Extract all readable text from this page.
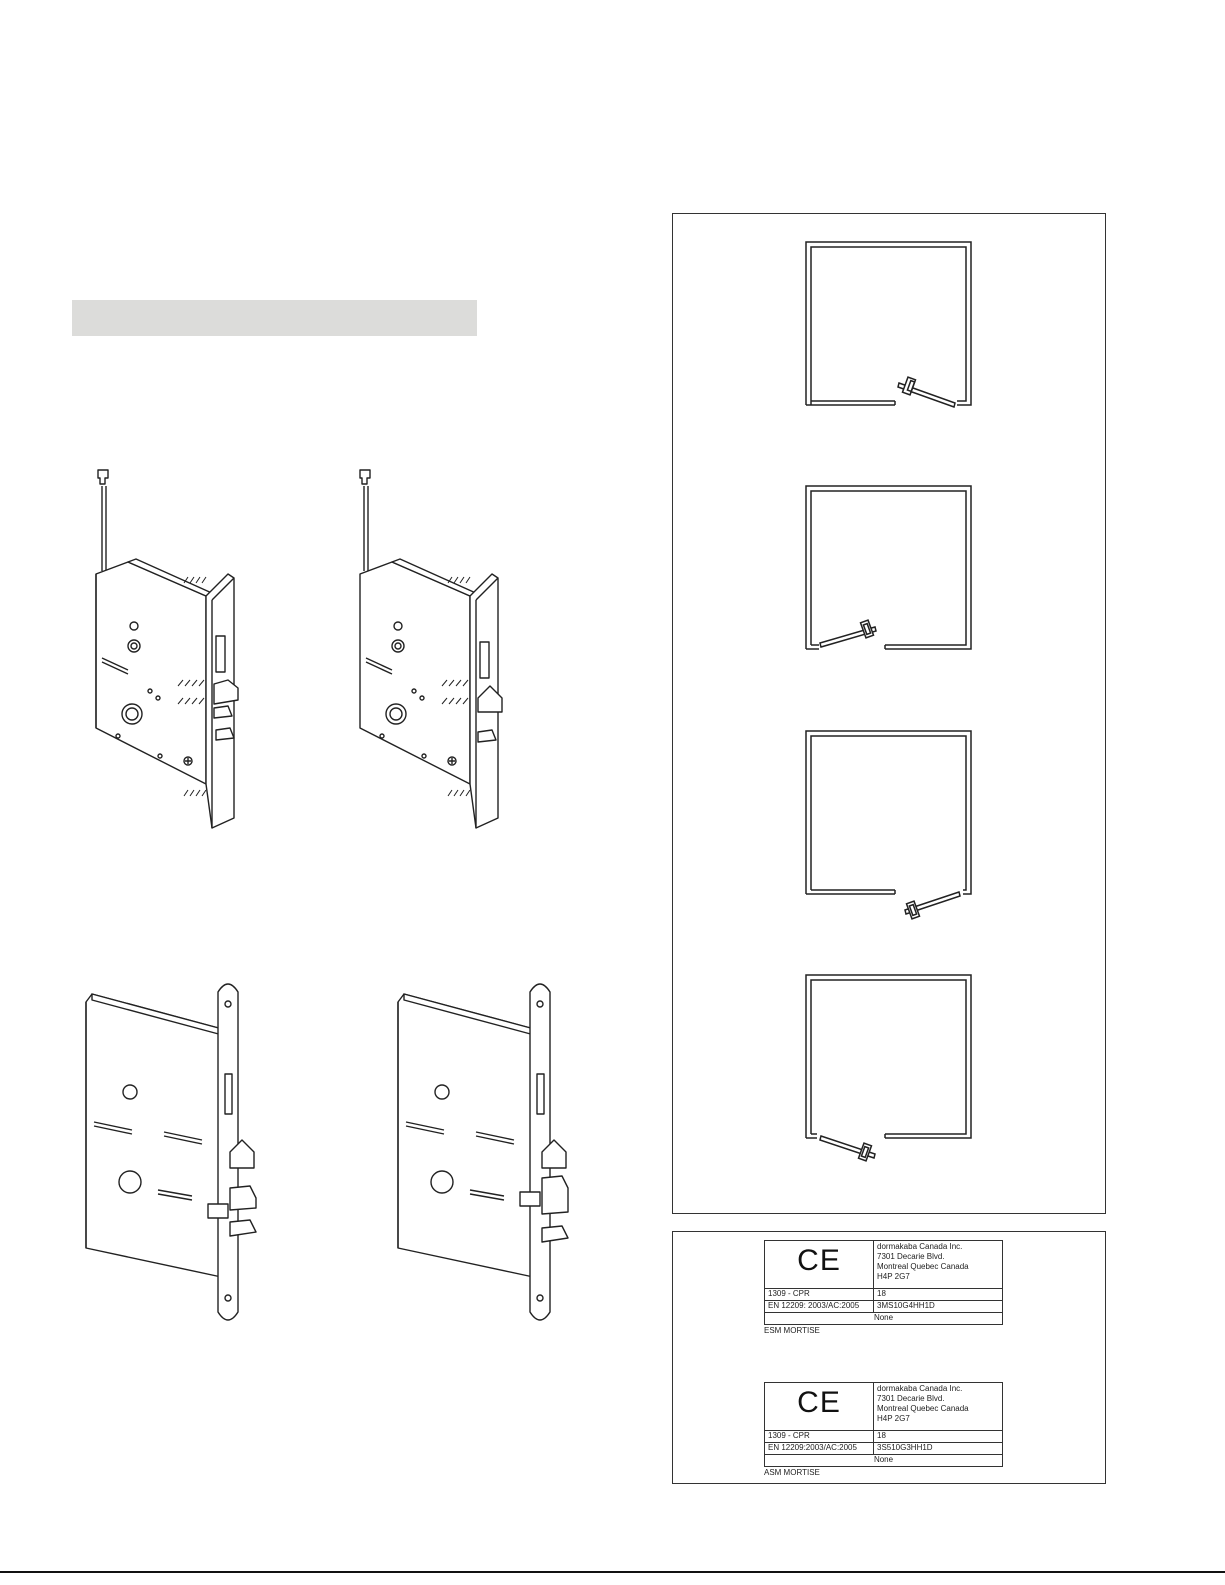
CE	dormakaba Canada Inc.
7301 Decarie Blvd.
Montreal Quebec Canada
H4P 2G7

1309 - CPR	18
EN 12209: 2003/AC:2005	3MS10G4HH1D
None	
ESM MORTISE
CE	dormakaba Canada Inc.
7301 Decarie Blvd.
Montreal Quebec Canada
H4P 2G7

1309 - CPR	18
EN 12209:2003/AC:2005	3S510G3HH1D
None	
ASM MORTISE
